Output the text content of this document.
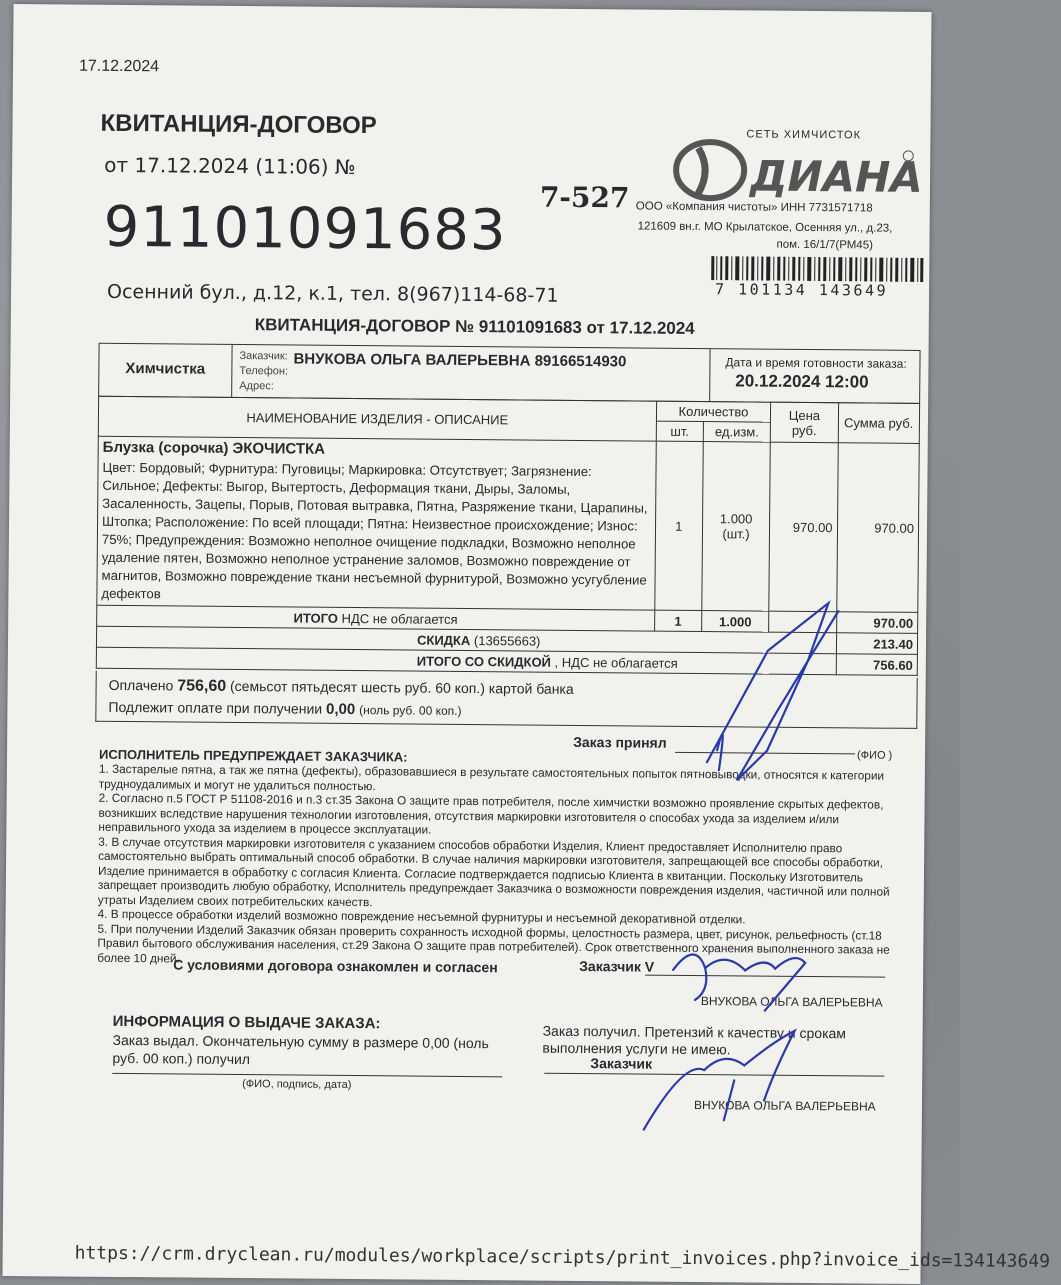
17.12.2024
КВИТАНЦИЯ-ДОГОВОР
от 17.12.2024 (11:06) №
91101091683 7-527
Осенний бул., д.12, к.1, тел. 8(967)114-68-71
СЕТЬ ХИМЧИСТОК
ДИАНА
ООО «Компания чистоты» ИНН 7731571718
121609 вн.г. МО Крылатское, Осенняя ул., д.23,
пом. 16/1/7(РМ45)
7 101134 143649
КВИТАНЦИЯ-ДОГОВОР № 91101091683 от 17.12.2024
Химчистка
Заказчик:
Телефон:
Адрес:
ВНУКОВА ОЛЬГА ВАЛЕРЬЕВНА 89166514930	Дата и время готовности заказа:
20.12.2024 12:00
НАИМЕНОВАНИЕ ИЗДЕЛИЯ - ОПИСАНИЕ	Количество		Цена руб.	Сумма руб.
	шт.	ед.изм.		

Блузка (сорочка) ЭКОЧИСТКА
Цвет: Бордовый; Фурнитура: Пуговицы; Маркировка: Отсутствует; Загрязнение: Сильное; Дефекты: Выгор, Вытертость, Деформация ткани, Дыры, Заломы, Засаленность, Зацепы, Порыв, Потовая вытравка, Пятна, Разряжение ткани, Царапины, Штопка; Расположение: По всей площади; Пятна: Неизвестное происхождение; Износ: 75%; Предупреждения: Возможно неполное очищение подкладки, Возможно неполное удаление пятен, Возможно неполное устранение заломов, Возможно повреждение от магнитов, Возможно повреждение ткани несъемной фурнитурой, Возможно усугубление дефектов	1	1.000 (шт.)	970.00	970.00
ИТОГО НДС не облагается	1	1.000		970.00
СКИДКА (13655663)				213.40
ИТОГО СО СКИДКОЙ , НДС не облагается				756.60
Оплачено 756,60 (семьсот пятьдесят шесть руб. 60 коп.) картой банка
Подлежит оплате при получении 0,00 (ноль руб. 00 коп.)
Заказ принял
(ФИО )
ИСПОЛНИТЕЛЬ ПРЕДУПРЕЖДАЕТ ЗАКАЗЧИКА:
1. Застарелые пятна, а так же пятна (дефекты), образовавшиеся в результате самостоятельных попыток пятновыводки, относятся к категории трудноудалимых и могут не удалиться полностью.
2. Согласно п.5 ГОСТ Р 51108-2016 и п.3 ст.35 Закона О защите прав потребителя, после химчистки возможно проявление скрытых дефектов, возникших вследствие нарушения технологии изготовления, отсутствия маркировки изготовителя о способах ухода за изделием и/или неправильного ухода за изделием в процессе эксплуатации.
3. В случае отсутствия маркировки изготовителя с указанием способов обработки Изделия, Клиент предоставляет Исполнителю право самостоятельно выбрать оптимальный способ обработки. В случае наличия маркировки изготовителя, запрещающей все способы обработки, Изделие принимается в обработку с согласия Клиента. Согласие подтверждается подписью Клиента в квитанции. Поскольку Изготовитель запрещает производить любую обработку, Исполнитель предупреждает Заказчика о возможности повреждения изделия, частичной или полной утраты Изделием своих потребительских качеств.
4. В процессе обработки изделий возможно повреждение несъемной фурнитуры и несъемной декоративной отделки.
5. При получении Изделий Заказчик обязан проверить сохранность исходной формы, целостность размера, цвет, рисунок, рельефность (ст.18 Правил бытового обслуживания населения, ст.29 Закона О защите прав потребителей). Срок ответственного хранения выполненного заказа не более 10 дней.
С условиями договора ознакомлен и согласен	Заказчик V
ВНУКОВА ОЛЬГА ВАЛЕРЬЕВНА
ИНФОРМАЦИЯ О ВЫДАЧЕ ЗАКАЗА:
Заказ выдал. Окончательную сумму в размере 0,00 (ноль руб. 00 коп.) получил
(ФИО, подпись, дата)
Заказ получил. Претензий к качеству и срокам выполнения услуги не имею.
Заказчик
ВНУКОВА ОЛЬГА ВАЛЕРЬЕВНА
https://crm.dryclean.ru/modules/workplace/scripts/print_invoices.php?invoice_ids=134143649
